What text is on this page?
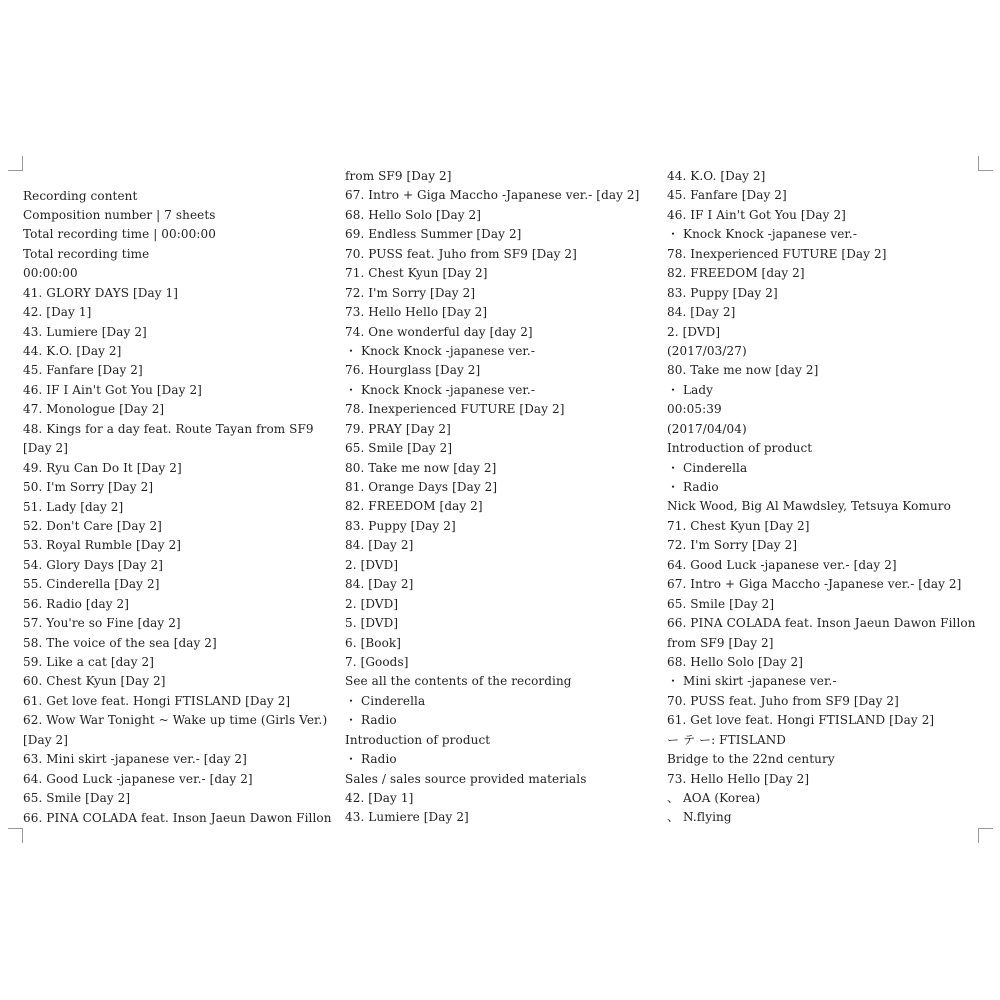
Recording content
Composition number | 7 sheets
Total recording time | 00:00:00
Total recording time
00:00:00
41. GLORY DAYS [Day 1]
42. [Day 1]
43. Lumiere [Day 2]
44. K.O. [Day 2]
45. Fanfare [Day 2]
46. IF I Ain't Got You [Day 2]
47. Monologue [Day 2]
48. Kings for a day feat. Route Tayan from SF9
[Day 2]
49. Ryu Can Do It [Day 2]
50. I'm Sorry [Day 2]
51. Lady [day 2]
52. Don't Care [Day 2]
53. Royal Rumble [Day 2]
54. Glory Days [Day 2]
55. Cinderella [Day 2]
56. Radio [day 2]
57. You're so Fine [day 2]
58. The voice of the sea [day 2]
59. Like a cat [day 2]
60. Chest Kyun [Day 2]
61. Get love feat. Hongi FTISLAND [Day 2]
62. Wow War Tonight ~ Wake up time (Girls Ver.)
[Day 2]
63. Mini skirt -japanese ver.- [day 2]
64. Good Luck -japanese ver.- [day 2]
65. Smile [Day 2]
66. PINA COLADA feat. Inson Jaeun Dawon Fillon
from SF9 [Day 2]
67. Intro + Giga Maccho -Japanese ver.- [day 2]
68. Hello Solo [Day 2]
69. Endless Summer [Day 2]
70. PUSS feat. Juho from SF9 [Day 2]
71. Chest Kyun [Day 2]
72. I'm Sorry [Day 2]
73. Hello Hello [Day 2]
74. One wonderful day [day 2]
・ Knock Knock -japanese ver.-
76. Hourglass [Day 2]
・ Knock Knock -japanese ver.-
78. Inexperienced FUTURE [Day 2]
79. PRAY [Day 2]
65. Smile [Day 2]
80. Take me now [day 2]
81. Orange Days [Day 2]
82. FREEDOM [day 2]
83. Puppy [Day 2]
84. [Day 2]
2. [DVD]
84. [Day 2]
2. [DVD]
5. [DVD]
6. [Book]
7. [Goods]
See all the contents of the recording
・ Cinderella
・ Radio
Introduction of product
・ Radio
Sales / sales source provided materials
42. [Day 1]
43. Lumiere [Day 2]
44. K.O. [Day 2]
45. Fanfare [Day 2]
46. IF I Ain't Got You [Day 2]
・ Knock Knock -japanese ver.-
78. Inexperienced FUTURE [Day 2]
82. FREEDOM [day 2]
83. Puppy [Day 2]
84. [Day 2]
2. [DVD]
(2017/03/27)
80. Take me now [day 2]
・ Lady
00:05:39
(2017/04/04)
Introduction of product
・ Cinderella
・ Radio
Nick Wood, Big Al Mawdsley, Tetsuya Komuro
71. Chest Kyun [Day 2]
72. I'm Sorry [Day 2]
64. Good Luck -japanese ver.- [day 2]
67. Intro + Giga Maccho -Japanese ver.- [day 2]
65. Smile [Day 2]
66. PINA COLADA feat. Inson Jaeun Dawon Fillon
from SF9 [Day 2]
68. Hello Solo [Day 2]
・ Mini skirt -japanese ver.-
70. PUSS feat. Juho from SF9 [Day 2]
61. Get love feat. Hongi FTISLAND [Day 2]
ー テ ー: FTISLAND
Bridge to the 22nd century
73. Hello Hello [Day 2]
、 AOA (Korea)
、 N.flying
